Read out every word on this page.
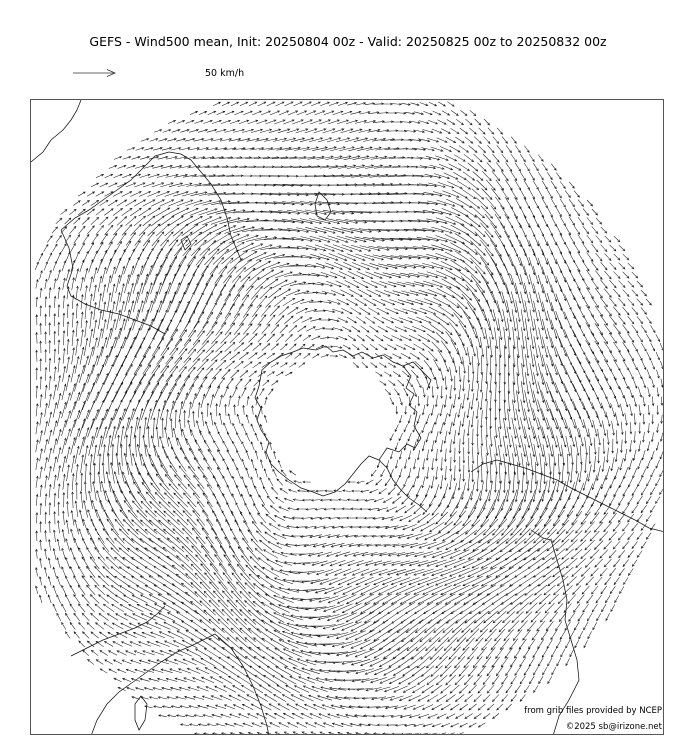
GEFS - Wind500 mean, Init: 20250804 00z - Valid: 20250825 00z to 20250832 00z
50 km/h
from grib files provided by NCEP
©2025 sb@irizone.net
